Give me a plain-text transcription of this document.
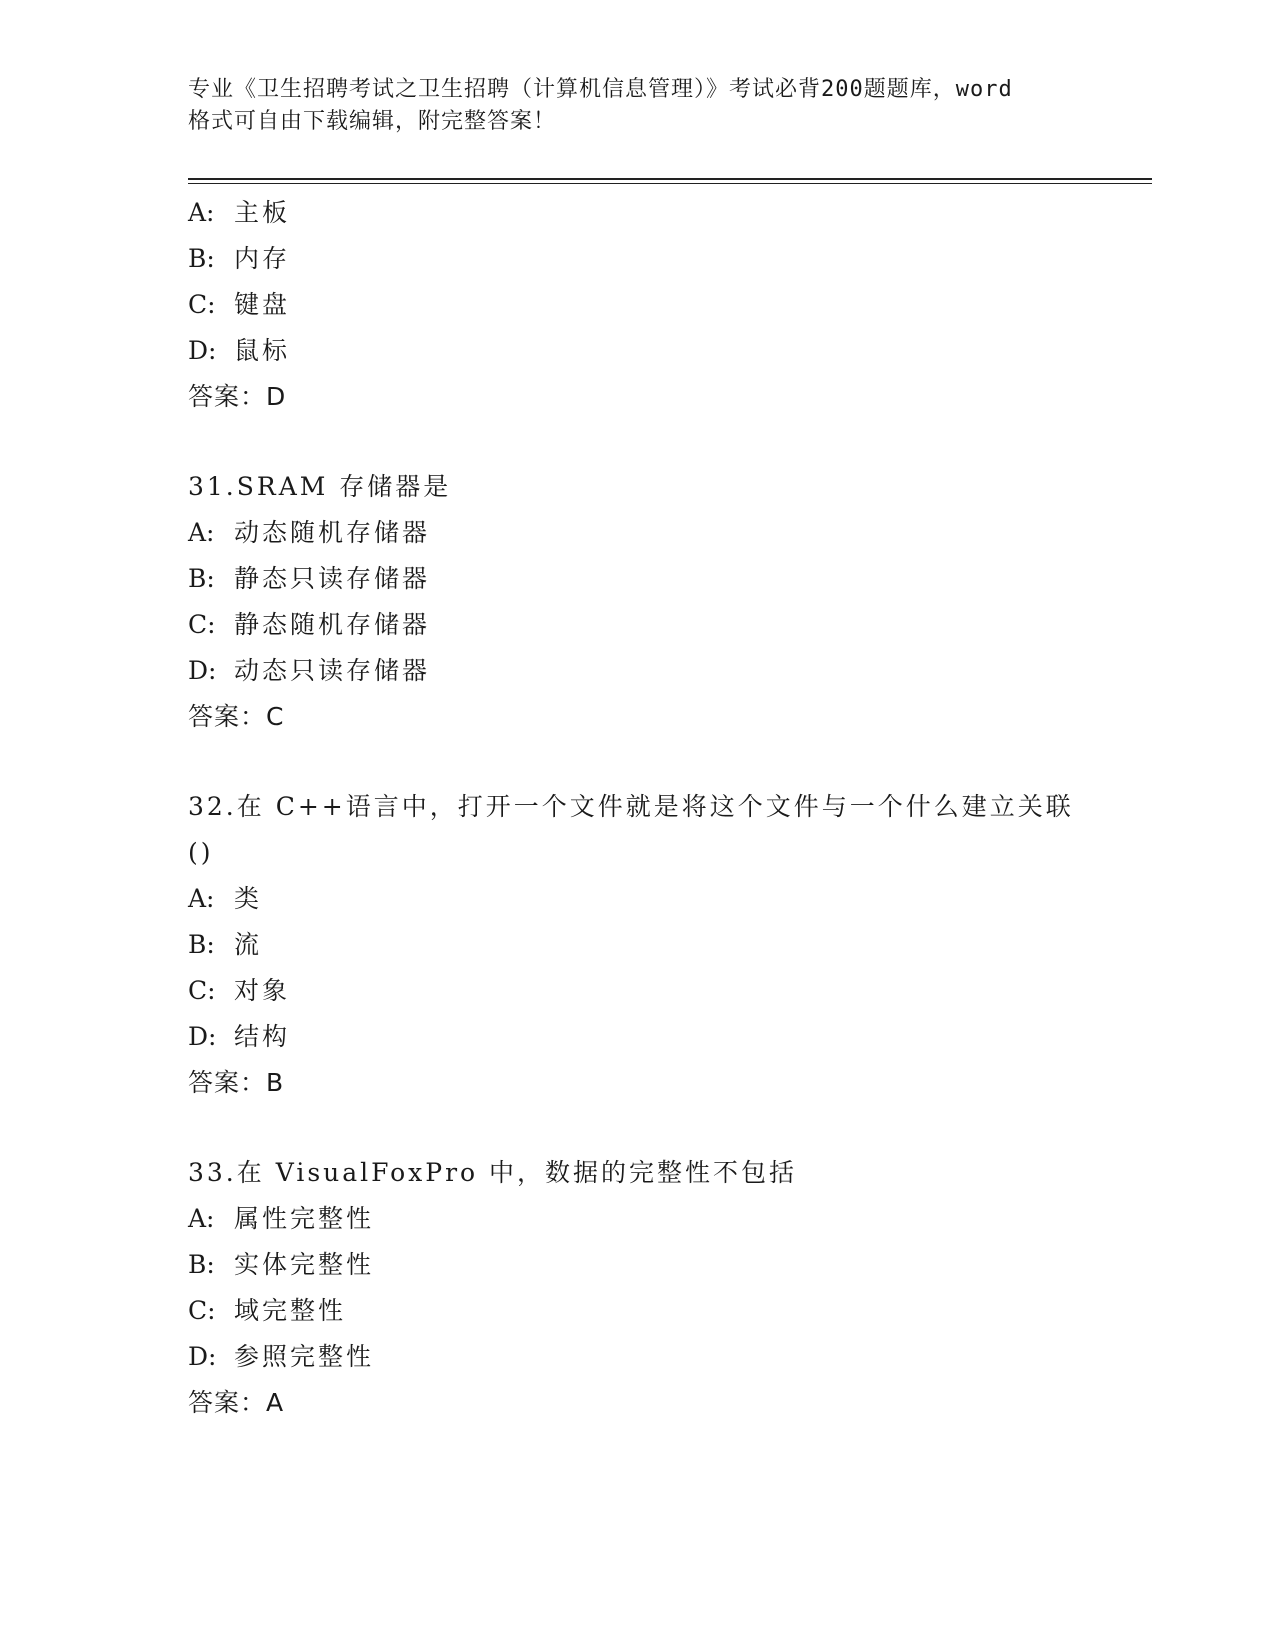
专业《卫生招聘考试之卫生招聘（计算机信息管理）》考试必背200题题库，word
格式可自由下载编辑，附完整答案！
A: 主板
B: 内存
C: 键盘
D: 鼠标
答案：D
31.SRAM 存储器是
A: 动态随机存储器
B: 静态只读存储器
C: 静态随机存储器
D: 动态只读存储器
答案：C
32.在 C++语言中，打开一个文件就是将这个文件与一个什么建立关联
()
A: 类
B: 流
C: 对象
D: 结构
答案：B
33.在 VisualFoxPro 中，数据的完整性不包括
A: 属性完整性
B: 实体完整性
C: 域完整性
D: 参照完整性
答案：A
